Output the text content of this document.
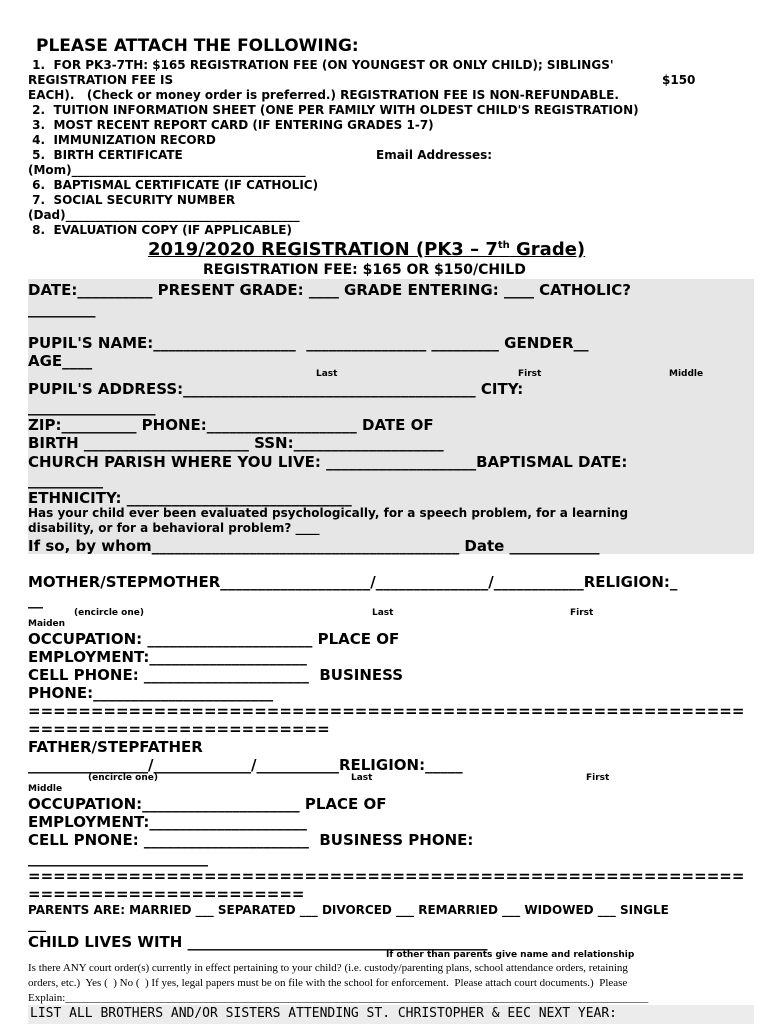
PLEASE ATTACH THE FOLLOWING:
1.  FOR PK3-7TH: $165 REGISTRATION FEE (ON YOUNGEST OR ONLY CHILD); SIBLINGS'
REGISTRATION FEE IS	$150
EACH).   (Check or money order is preferred.) REGISTRATION FEE IS NON-REFUNDABLE.
2.  TUITION INFORMATION SHEET (ONE PER FAMILY WITH OLDEST CHILD'S REGISTRATION)
3.  MOST RECENT REPORT CARD (IF ENTERING GRADES 1-7)
4.  IMMUNIZATION RECORD
5.  BIRTH CERTIFICATE	Email Addresses:
(Mom)_______________________________________
6.  BAPTISMAL CERTIFICATE (IF CATHOLIC)
7.  SOCIAL SECURITY NUMBER
(Dad)_______________________________________
8.  EVALUATION COPY (IF APPLICABLE)
2019/2020 REGISTRATION (PK3 – 7th Grade)
REGISTRATION FEE: $165 OR $150/CHILD
DATE:__________ PRESENT GRADE: ____ GRADE ENTERING: ____ CATHOLIC?
_________
PUPIL'S NAME:___________________  ________________ _________ GENDER__
AGE____
Last	First	Middle
PUPIL'S ADDRESS:_______________________________________ CITY:
_________________
ZIP:__________ PHONE:____________________ DATE OF
BIRTH ______________________ SSN:____________________
CHURCH PARISH WHERE YOU LIVE: ____________________BAPTISMAL DATE:
__________
ETHNICITY: ______________________________
Has your child ever been evaluated psychologically, for a speech problem, for a learning
disability, or for a behavioral problem? ____
If so, by whom_________________________________________ Date ____________
MOTHER/STEPMOTHER____________________/_______________/____________RELIGION:_
__
(encircle one)	Last	First
Maiden
OCCUPATION: ______________________ PLACE OF
EMPLOYMENT:_____________________
CELL PHONE: ______________________  BUSINESS
PHONE:________________________
=========================================================
========================
FATHER/STEPFATHER
________________/_____________/___________RELIGION:_____
(encircle one)	Last	First
Middle
OCCUPATION:_____________________ PLACE OF
EMPLOYMENT:_____________________
CELL PNONE: ______________________  BUSINESS PHONE:
________________________
=========================================================
======================
PARENTS ARE: MARRIED ___ SEPARATED ___ DIVORCED ___ REMARRIED ___ WIDOWED ___ SINGLE
___
CHILD LIVES WITH ________________________________________
If other than parents give name and relationship
Is there ANY court order(s) currently in effect pertaining to your child? (i.e. custody/parenting plans, school attendance orders, retaining
orders, etc.)  Yes (  ) No (  ) If yes, legal papers must be on file with the school for enforcement.  Please attach court documents.)  Please
Explain:__________________________________________________________________________________________________________
LIST ALL BROTHERS AND/OR SISTERS ATTENDING ST. CHRISTOPHER & EEC NEXT YEAR:
